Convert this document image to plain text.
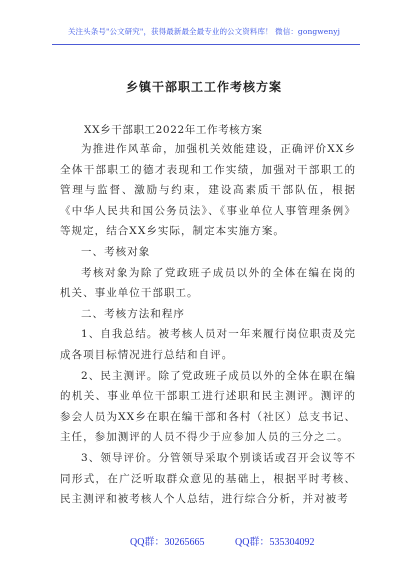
关注头条号"公文研究"，获得最新最全最专业的公文资料库！ 微信：gongwenyj
乡镇干部职工工作考核方案
XX乡干部职工2022年工作考核方案

为推进作风革命，加强机关效能建设，正确评价XX乡全体干部职工的德才表现和工作实绩，加强对干部职工的管理与监督、激励与约束，建设高素质干部队伍，根据《中华人民共和国公务员法》、《事业单位人事管理条例》等规定，结合XX乡实际，制定本实施方案。

一、考核对象

考核对象为除了党政班子成员以外的全体在编在岗的机关、事业单位干部职工。

二、考核方法和程序

1、自我总结。被考核人员对一年来履行岗位职责及完成各项目标情况进行总结和自评。

2、民主测评。除了党政班子成员以外的全体在职在编的机关、事业单位干部职工进行述职和民主测评。测评的参会人员为XX乡在职在编干部和各村（社区）总支书记、主任，参加测评的人员不得少于应参加人员的三分之二。

3、领导评价。分管领导采取个别谈话或召开会议等不同形式，在广泛听取群众意见的基础上，根据平时考核、民主测评和被考核人个人总结，进行综合分析，并对被考

QQ群：30265665	QQ群：535304092
